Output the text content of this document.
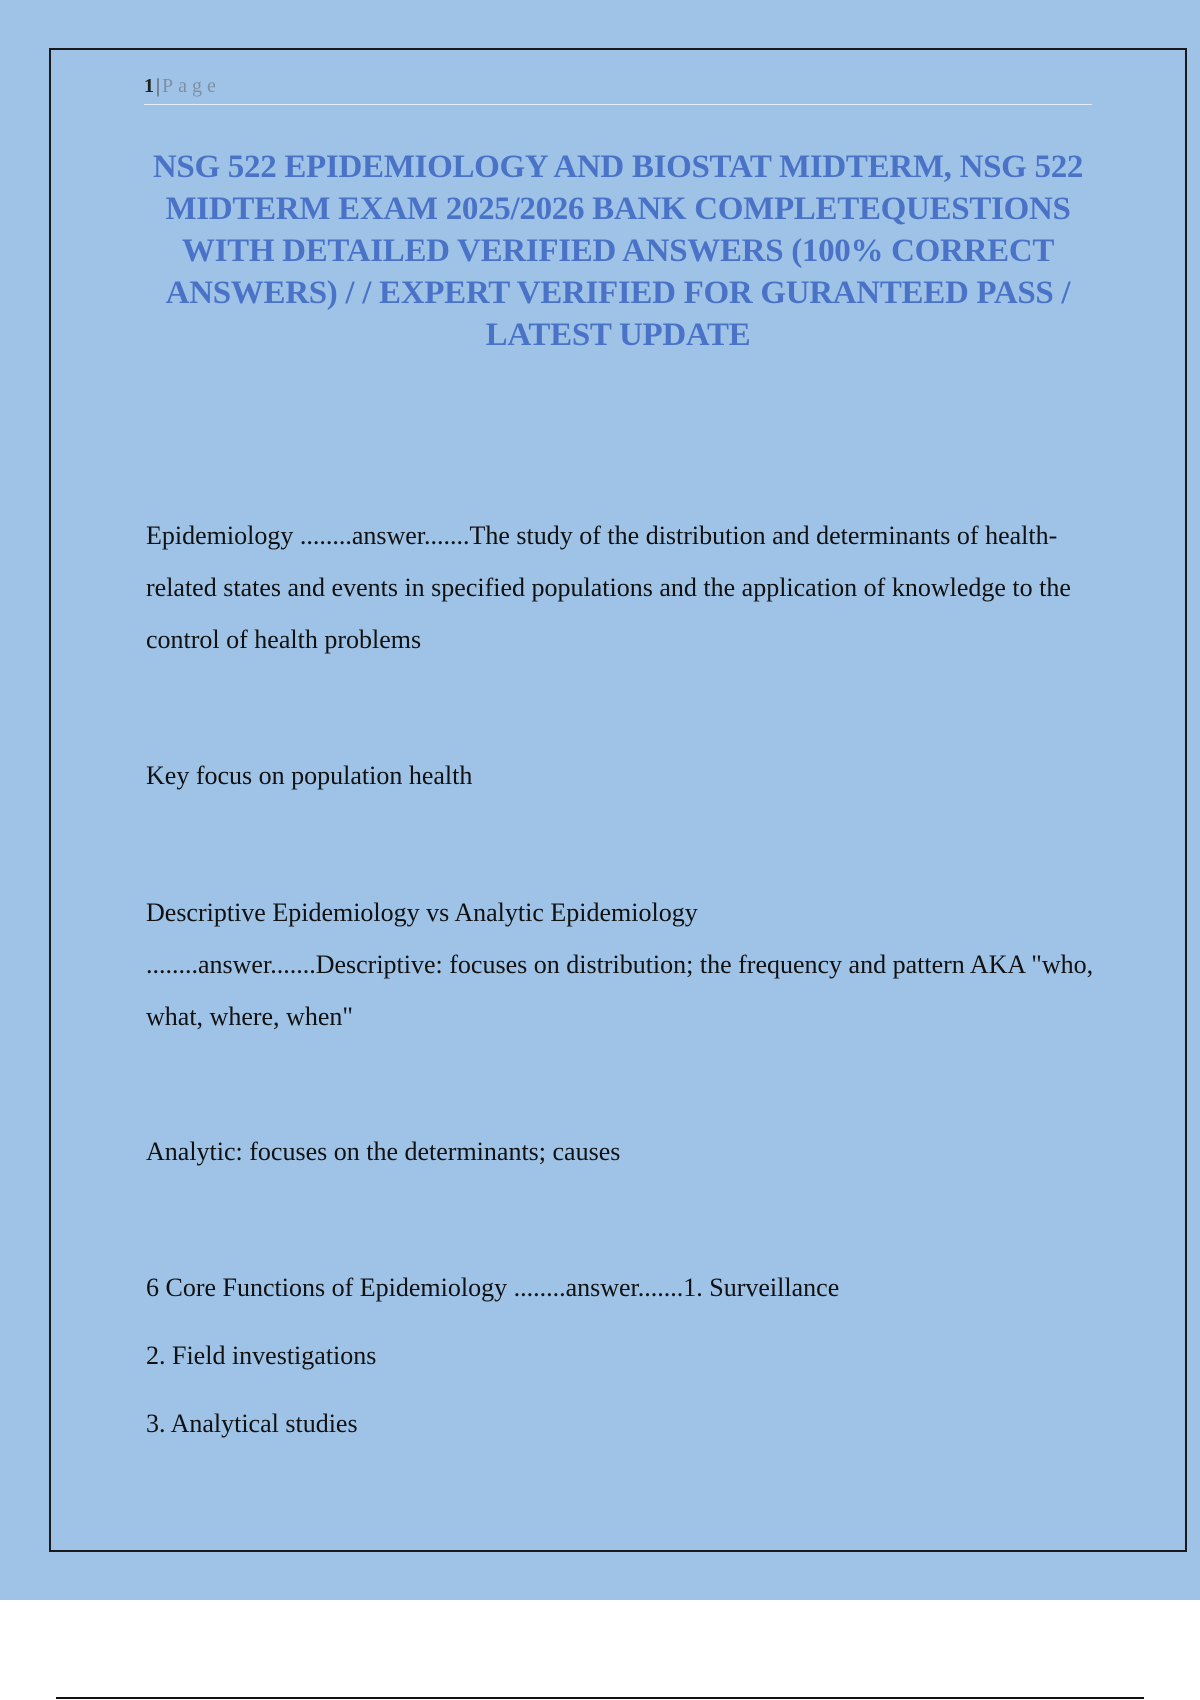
1 | Page
NSG 522 EPIDEMIOLOGY AND BIOSTAT MIDTERM, NSG 522 MIDTERM EXAM 2025/2026 BANK COMPLETEQUESTIONS WITH DETAILED VERIFIED ANSWERS (100% CORRECT ANSWERS) / / EXPERT VERIFIED FOR GURANTEED PASS / LATEST UPDATE

Epidemiology ........answer.......The study of the distribution and determinants of health-related states and events in specified populations and the application of knowledge to the control of health problems

Key focus on population health

Descriptive Epidemiology vs Analytic Epidemiology
........answer.......Descriptive: focuses on distribution; the frequency and pattern AKA "who, what, where, when"

Analytic: focuses on the determinants; causes

6 Core Functions of Epidemiology ........answer.......1. Surveillance

2. Field investigations

3. Analytical studies
